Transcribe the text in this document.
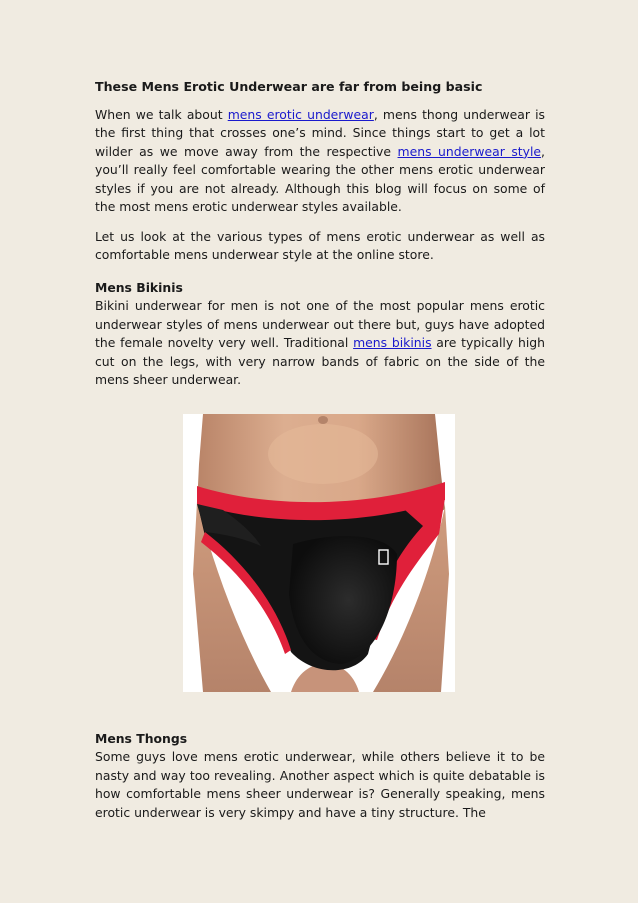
These Mens Erotic Underwear are far from being basic

When we talk about mens erotic underwear, mens thong underwear is the first thing that crosses one’s mind. Since things start to get a lot wilder as we move away from the respective mens underwear style, you’ll really feel comfortable wearing the other mens erotic underwear styles if you are not already. Although this blog will focus on some of the most mens erotic underwear styles available.

Let us look at the various types of mens erotic underwear as well as comfortable mens underwear style at the online store.

Mens Bikinis
Bikini underwear for men is not one of the most popular mens erotic underwear styles of mens underwear out there but, guys have adopted the female novelty very well. Traditional mens bikinis are typically high cut on the legs, with very narrow bands of fabric on the side of the mens sheer underwear.
Mens Thongs
Some guys love mens erotic underwear, while others believe it to be nasty and way too revealing. Another aspect which is quite debatable is how comfortable mens sheer underwear is? Generally speaking, mens erotic underwear is very skimpy and have a tiny structure. The
